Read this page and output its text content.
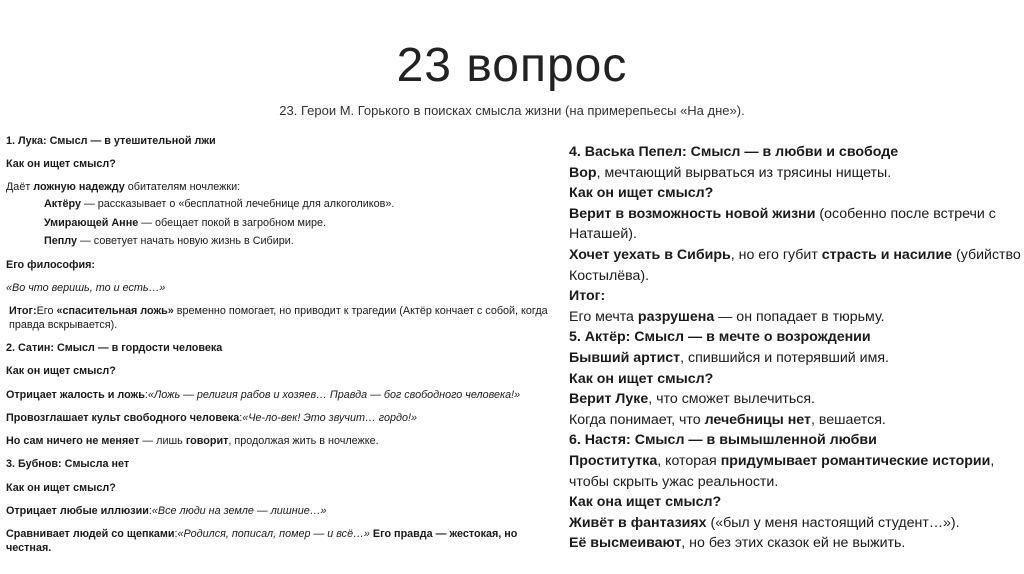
23 вопрос
23. Герои М. Горького в поисках смысла жизни (на примерепьесы «На дне»).

1. Лука: Смысл — в утешительной лжи

Как он ищет смысл?

Даёт ложную надежду обитателям ночлежки:

Актёру — рассказывает о «бесплатной лечебнице для алкоголиков».

Умирающей Анне — обещает покой в загробном мире.

Пеплу — советует начать новую жизнь в Сибири.

Его философия:

«Во что веришь, то и есть…»

Итог:Его «спасительная ложь» временно помогает, но приводит к трагедии (Актёр кончает с собой, когда правда вскрывается).

2. Сатин: Смысл — в гордости человека

Как он ищет смысл?

Отрицает жалость и ложь:«Ложь — религия рабов и хозяев… Правда — бог свободного человека!»

Провозглашает культ свободного человека:«Че-ло-век! Это звучит… гордо!»

Но сам ничего не меняет — лишь говорит, продолжая жить в ночлежке.

3. Бубнов: Смысла нет

Как он ищет смысл?

Отрицает любые иллюзии:«Все люди на земле — лишние…»

Сравнивает людей со щепками:«Родился, пописал, помер — и всё…» Его правда — жестокая, но честная.

4. Васька Пепел: Смысл — в любви и свободе

Вор, мечтающий вырваться из трясины нищеты.

Как он ищет смысл?

Верит в возможность новой жизни (особенно после встречи с Наташей).

Хочет уехать в Сибирь, но его губит страсть и насилие (убийство Костылёва).

Итог:

Его мечта разрушена — он попадает в тюрьму.

5. Актёр: Смысл — в мечте о возрождении

Бывший артист, спившийся и потерявший имя.

Как он ищет смысл?

Верит Луке, что сможет вылечиться.

Когда понимает, что лечебницы нет, вешается.

6. Настя: Смысл — в вымышленной любви

Проститутка, которая придумывает романтические истории, чтобы скрыть ужас реальности.

Как она ищет смысл?

Живёт в фантазиях («был у меня настоящий студент…»).

Её высмеивают, но без этих сказок ей не выжить.
